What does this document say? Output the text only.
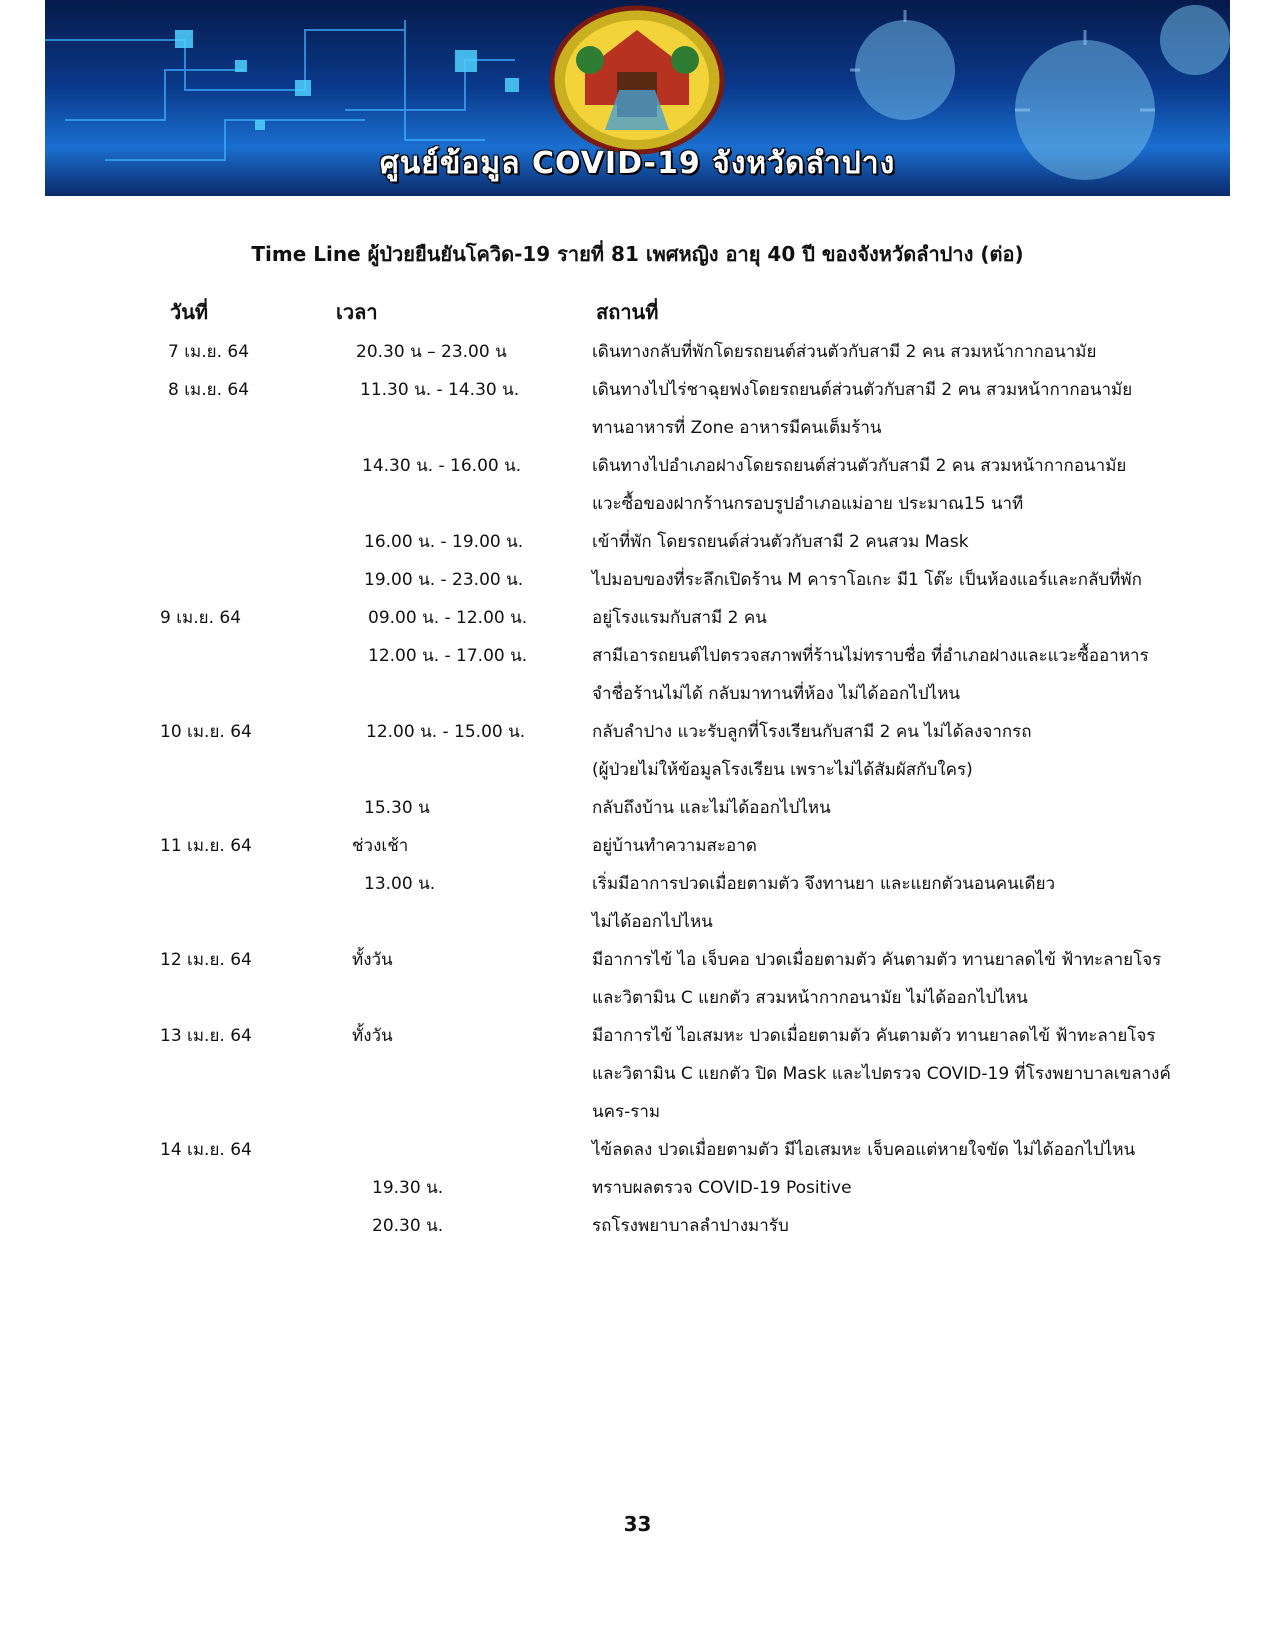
ศูนย์ข้อมูล COVID-19 จังหวัดลำปาง
Time Line ผู้ป่วยยืนยันโควิด-19 รายที่ 81 เพศหญิง อายุ 40 ปี ของจังหวัดลำปาง (ต่อ)
วันที่	เวลา	สถานที่
7 เม.ย. 64	20.30 น – 23.00 น	เดินทางกลับที่พักโดยรถยนต์ส่วนตัวกับสามี 2 คน สวมหน้ากากอนามัย
8 เม.ย. 64	11.30 น. - 14.30 น.	เดินทางไปไร่ชาฉุยฟงโดยรถยนต์ส่วนตัวกับสามี 2 คน สวมหน้ากากอนามัย
ทานอาหารที่ Zone อาหารมีคนเต็มร้าน
14.30 น. - 16.00 น.	เดินทางไปอำเภอฝางโดยรถยนต์ส่วนตัวกับสามี 2 คน สวมหน้ากากอนามัย
แวะซื้อของฝากร้านกรอบรูปอำเภอแม่อาย ประมาณ15 นาที
16.00 น. - 19.00 น.	เข้าที่พัก โดยรถยนต์ส่วนตัวกับสามี 2 คนสวม Mask
19.00 น. - 23.00 น.	ไปมอบของที่ระลึกเปิดร้าน M คาราโอเกะ มี1 โต๊ะ เป็นห้องแอร์และกลับที่พัก
9 เม.ย. 64	09.00 น. - 12.00 น.	อยู่โรงแรมกับสามี 2 คน
12.00 น. - 17.00 น.	สามีเอารถยนต์ไปตรวจสภาพที่ร้านไม่ทราบชื่อ ที่อำเภอฝางและแวะซื้ออาหาร
จำชื่อร้านไม่ได้ กลับมาทานที่ห้อง ไม่ได้ออกไปไหน
10 เม.ย. 64	12.00 น. - 15.00 น.	กลับลำปาง แวะรับลูกที่โรงเรียนกับสามี 2 คน ไม่ได้ลงจากรถ
(ผู้ป่วยไม่ให้ข้อมูลโรงเรียน เพราะไม่ได้สัมผัสกับใคร)
15.30 น	กลับถึงบ้าน และไม่ได้ออกไปไหน
11 เม.ย. 64	ช่วงเช้า	อยู่บ้านทำความสะอาด
13.00 น.	เริ่มมีอาการปวดเมื่อยตามตัว จึงทานยา และแยกตัวนอนคนเดียว
ไม่ได้ออกไปไหน
12 เม.ย. 64	ทั้งวัน	มีอาการไข้ ไอ เจ็บคอ ปวดเมื่อยตามตัว คันตามตัว ทานยาลดไข้ ฟ้าทะลายโจร
และวิตามิน C แยกตัว สวมหน้ากากอนามัย ไม่ได้ออกไปไหน
13 เม.ย. 64	ทั้งวัน	มีอาการไข้ ไอเสมหะ ปวดเมื่อยตามตัว คันตามตัว ทานยาลดไข้ ฟ้าทะลายโจร
และวิตามิน C แยกตัว ปิด Mask และไปตรวจ COVID-19 ที่โรงพยาบาลเขลางค์
นคร-ราม
14 เม.ย. 64	ไข้ลดลง ปวดเมื่อยตามตัว มีไอเสมหะ เจ็บคอแต่หายใจขัด ไม่ได้ออกไปไหน
19.30 น.	ทราบผลตรวจ COVID-19 Positive
20.30 น.	รถโรงพยาบาลลำปางมารับ
33
